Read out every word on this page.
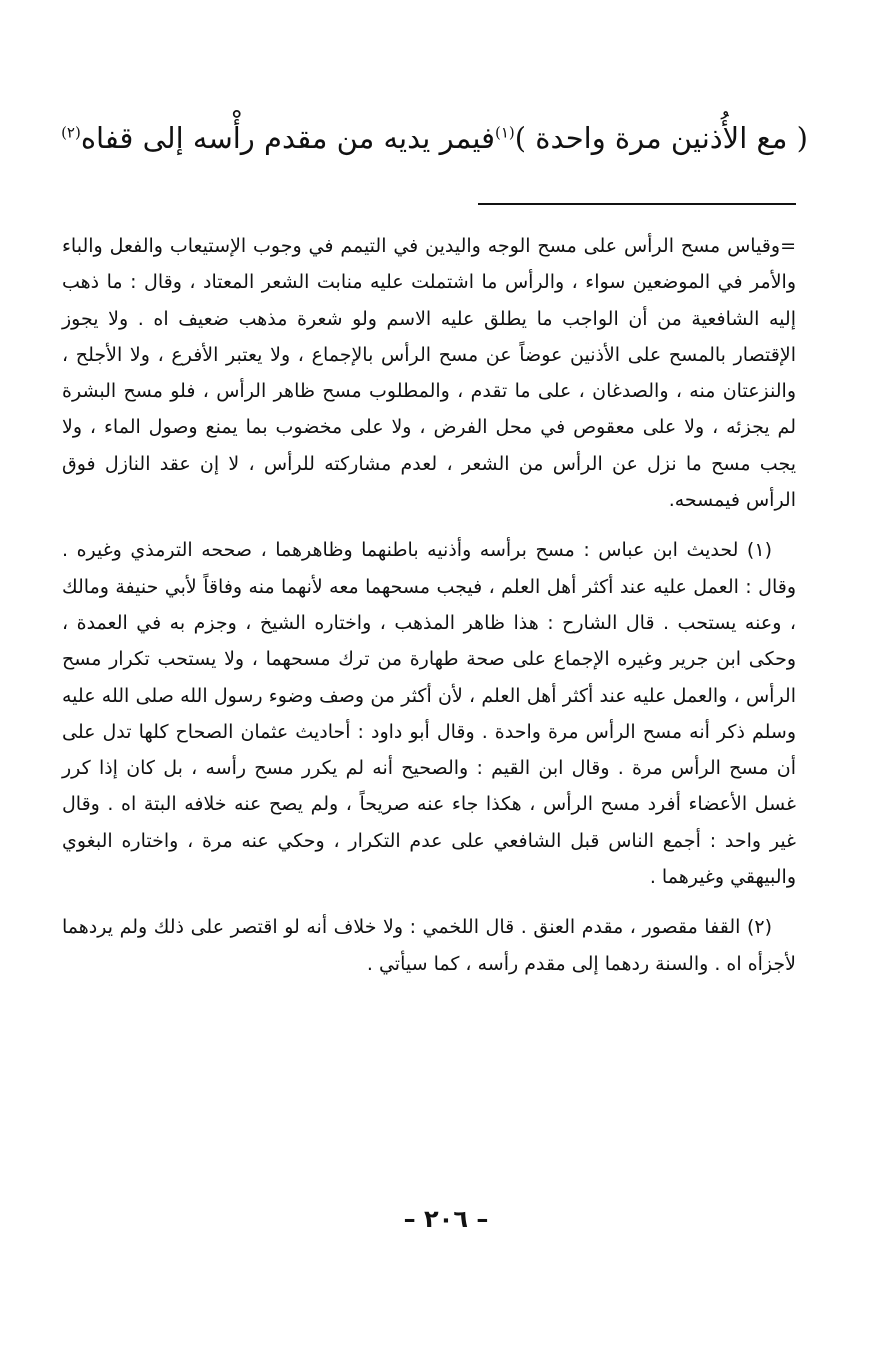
( مع الأُذنين مرة واحدة )$^{(١)}$فيمر يديه من مقدم رأْسه إلى قفاه$^{(٢)}$

=وقياس مسح الرأس على مسح الوجه واليدين في التيمم في وجوب الإستيعاب والفعل والباء والأمر في الموضعين سواء ، والرأس ما اشتملت عليه منابت الشعر المعتاد ، وقال : ما ذهب إليه الشافعية من أن الواجب ما يطلق عليه الاسم ولو شعرة مذهب ضعيف اه . ولا يجوز الإقتصار بالمسح على الأذنين عوضاً عن مسح الرأس بالإجماع ، ولا يعتبر الأفرع ، ولا الأجلح ، والنزعتان منه ، والصدغان ، على ما تقدم ، والمطلوب مسح ظاهر الرأس ، فلو مسح البشرة لم يجزئه ، ولا على معقوص في محل الفرض ، ولا على مخضوب بما يمنع وصول الماء ، ولا يجب مسح ما نزل عن الرأس من الشعر ، لعدم مشاركته للرأس ، لا إن عقد النازل فوق الرأس فيمسحه.

(١) لحديث ابن عباس : مسح برأسه وأذنيه باطنهما وظاهرهما ، صححه الترمذي وغيره . وقال : العمل عليه عند أكثر أهل العلم ، فيجب مسحهما معه لأنهما منه وفاقاً لأبي حنيفة ومالك ، وعنه يستحب . قال الشارح : هذا ظاهر المذهب ، واختاره الشيخ ، وجزم به في العمدة ، وحكى ابن جرير وغيره الإجماع على صحة طهارة من ترك مسحهما ، ولا يستحب تكرار مسح الرأس ، والعمل عليه عند أكثر أهل العلم ، لأن أكثر من وصف وضوء رسول الله صلى الله عليه وسلم ذكر أنه مسح الرأس مرة واحدة . وقال أبو داود : أحاديث عثمان الصحاح كلها تدل على أن مسح الرأس مرة . وقال ابن القيم : والصحيح أنه لم يكرر مسح رأسه ، بل كان إذا كرر غسل الأعضاء أفرد مسح الرأس ، هكذا جاء عنه صريحاً ، ولم يصح عنه خلافه البتة اه . وقال غير واحد : أجمع الناس قبل الشافعي على عدم التكرار ، وحكي عنه مرة ، واختاره البغوي والبيهقي وغيرهما .

(٢) القفا مقصور ، مقدم العنق . قال اللخمي : ولا خلاف أنه لو اقتصر على ذلك ولم يردهما لأجزأه اه . والسنة ردهما إلى مقدم رأسه ، كما سيأتي .

– ٢٠٦ –
